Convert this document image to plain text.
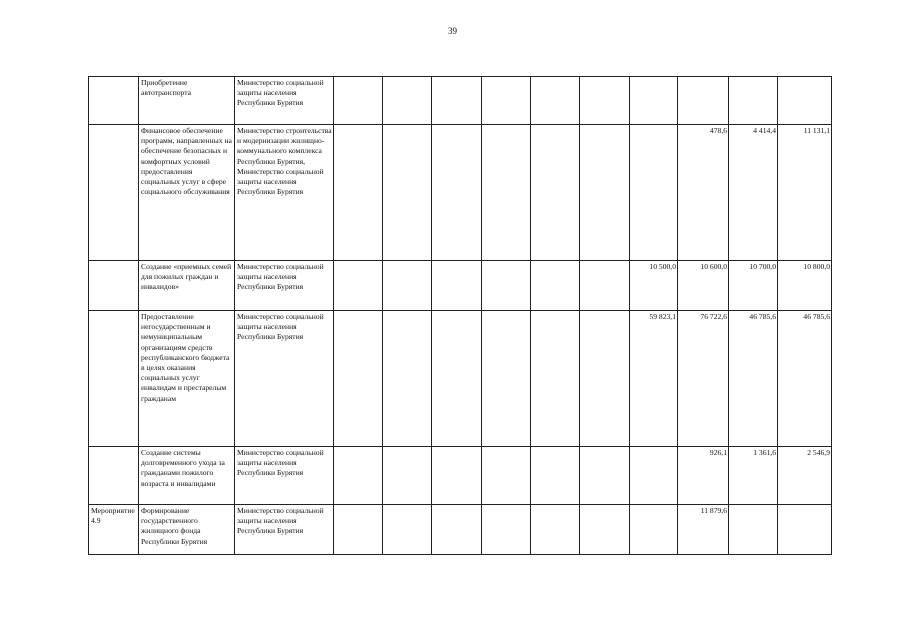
39
	Приобретение автотранспорта	Министерство социальной защиты населения Республики Бурятия										
	Финансовое обеспечение программ, направленных на обеспечение безопасных и комфортных условий предоставления социальных услуг в сфере социального обслуживания	Министерство строительства и модернизации жилищно-коммунального комплекса Республики Бурятия, Министерство социальной защиты населения Республики Бурятия								478,6	4 414,4	11 131,1
	Создание «приемных семей для пожилых граждан и инвалидов»	Министерство социальной защиты населения Республики Бурятия							10 500,0	10 600,0	10 700,0	10 800,0
	Предоставление негосударственным и немуниципальным организациям средств республиканского бюджета в целях оказания социальных услуг инвалидам и престарелым гражданам	Министерство социальной защиты населения Республики Бурятия							59 823,1	76 722,6	46 785,6	46 785,6
	Создание системы долговременного ухода за гражданами пожилого возраста и инвалидами	Министерство социальной защиты населения Республики Бурятия								926,1	1 361,6	2 546,9
Мероприятие 4.9	Формирование государственного жилищного фонда Республики Бурятия	Министерство социальной защиты населения Республики Бурятия								11 879,6		
